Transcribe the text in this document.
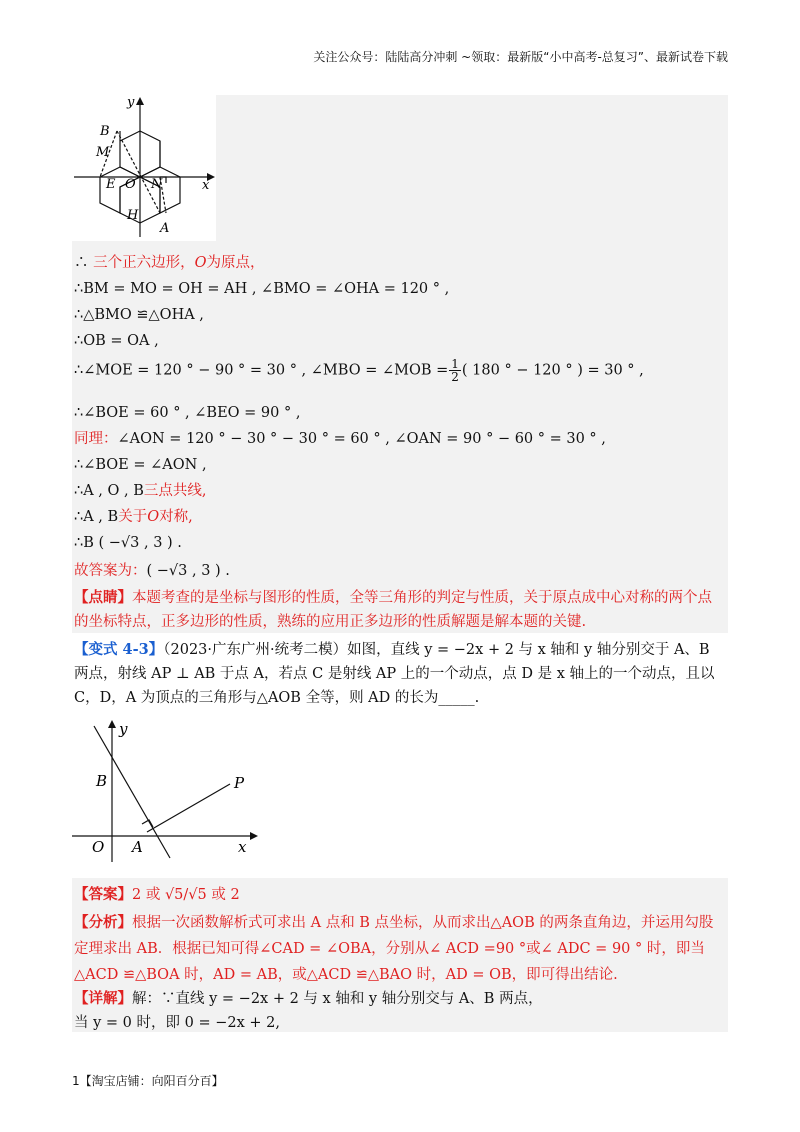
关注公众号：陆陆高分冲刺 ~领取：最新版“小中高考-总复习”、最新试卷下载
y
x
B
M
E O N
H
A
∴ 三个正六边形，O为原点，
∴BM = MO = OH = AH , ∠BMO = ∠OHA = 120 ° ,
∴△BMO ≌△OHA ,
∴OB = OA ,
∴∠MOE = 120 ° − 90 ° = 30 ° , ∠MBO = ∠MOB = $\frac{1}{2}$ ( 180 ° − 120 ° ) = 30 ° ,
∴∠BOE = 60 ° , ∠BEO = 90 ° ,
同理：∠AON = 120 ° − 30 ° − 30 ° = 60 ° , ∠OAN = 90 ° − 60 ° = 30 ° ,
∴∠BOE = ∠AON ,
∴A , O , B三点共线,
∴A , B关于O对称,
∴B ( −√3 , 3 ) .
故答案为：( −√3 , 3 ) .
【点睛】本题考查的是坐标与图形的性质，全等三角形的判定与性质，关于原点成中心对称的两个点的坐标特点，正多边形的性质，熟练的应用正多边形的性质解题是解本题的关键.
【变式 4-3】（2023·广东广州·统考二模）如图，直线 y = −2x + 2 与 x 轴和 y 轴分别交于 A、B 两点，射线 AP ⊥ AB 于点 A，若点 C 是射线 AP 上的一个动点，点 D 是 x 轴上的一个动点，且以 C，D，A 为顶点的三角形与△AOB 全等，则 AD 的长为_____.
y
x
B	P
O A
【答案】2 或 √5/√5 或 2
【分析】根据一次函数解析式可求出 A 点和 B 点坐标，从而求出△AOB 的两条直角边，并运用勾股定理求出 AB．根据已知可得∠CAD = ∠OBA，分别从∠ ACD =90 °或∠ ADC = 90 ° 时，即当△ACD ≌△BOA 时，AD = AB，或△ACD ≌△BAO 时，AD = OB，即可得出结论.
【详解】解：∵直线 y = −2x + 2 与 x 轴和 y 轴分别交与 A、B 两点，
当 y = 0 时，即 0 = −2x + 2,
1【淘宝店铺：向阳百分百】
